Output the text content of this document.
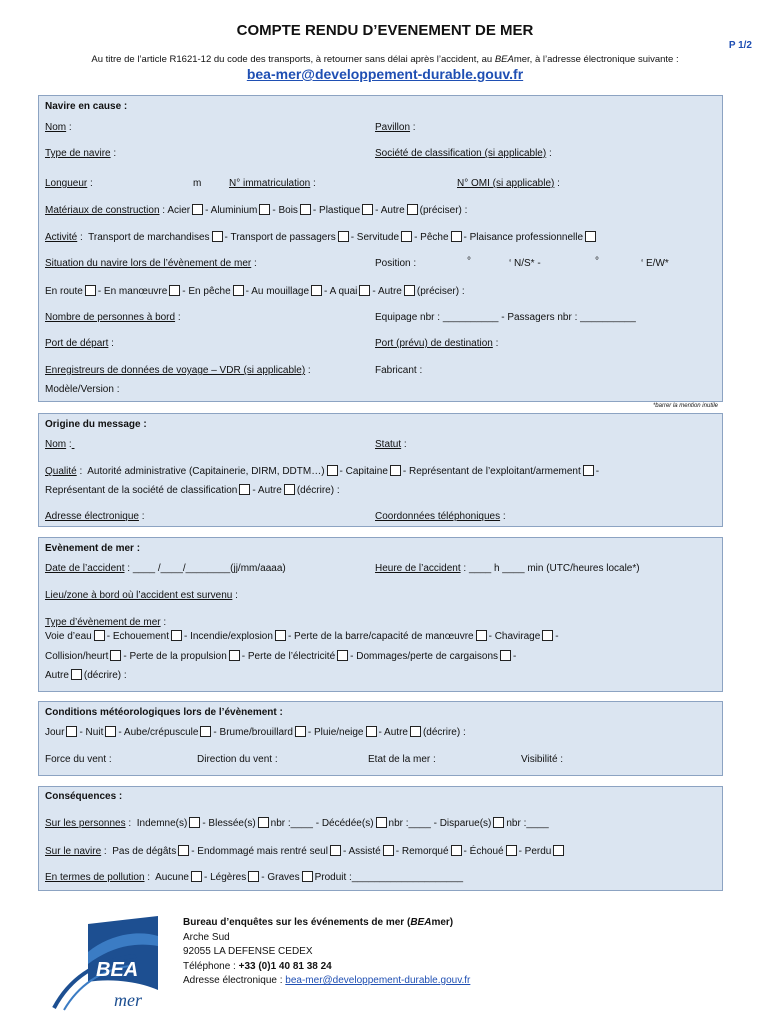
COMPTE RENDU D’EVENEMENT DE MER
P 1/2
Au titre de l’article R1621-12 du code des transports, à retourner sans délai après l’accident, au BEAmer, à l’adresse électronique suivante :
bea-mer@developpement-durable.gouv.fr
Navire en cause :
Nom :	Pavillon :
Type de navire :	Société de classification (si applicable) :
Longueur :	m	N° immatriculation :	N° OMI (si applicable) :
Matériaux de construction : Acier - Aluminium - Bois - Plastique - Autre (préciser) :
Activité :  Transport de marchandises - Transport de passagers - Servitude - Pêche - Plaisance professionnelle
Situation du navire lors de l’évènement de mer :	Position :	°	‘ N/S* -	°	‘ E/W*
En route - En manœuvre - En pêche - Au mouillage - A quai - Autre (préciser) :
Nombre de personnes à bord :	Equipage nbr : __________ - Passagers nbr : __________
Port de départ :	Port (prévu) de destination :
Enregistreurs de données de voyage – VDR (si applicable) :	Fabricant :
Modèle/Version :
*barrer la mention inutile
Origine du message :
Nom :	Statut :
Qualité :  Autorité administrative (Capitainerie, DIRM, DDTM…) - Capitaine - Représentant de l’exploitant/armement -
Représentant de la société de classification - Autre (décrire) :
Adresse électronique :	Coordonnées téléphoniques :
Evènement de mer :
Date de l’accident : ____ /____/________(jj/mm/aaaa)	Heure de l’accident : ____ h ____ min (UTC/heures locale*)
Lieu/zone à bord où l’accident est survenu :
Type d’évènement de mer :
Voie d’eau - Echouement - Incendie/explosion - Perte de la barre/capacité de manœuvre - Chavirage -
Collision/heurt - Perte de la propulsion - Perte de l’électricité - Dommages/perte de cargaisons -
Autre (décrire) :
Conditions météorologiques lors de l’évènement :
Jour - Nuit - Aube/crépuscule - Brume/brouillard - Pluie/neige - Autre (décrire) :
Force du vent :	Direction du vent :	Etat de la mer :	Visibilité :
Conséquences :
Sur les personnes :  Indemne(s) - Blessée(s) nbr :____ - Décédée(s) nbr :____ - Disparue(s) nbr :____
Sur le navire :  Pas de dégâts - Endommagé mais rentré seul - Assisté - Remorqué - Échoué - Perdu
En termes de pollution :  Aucune - Légères - Graves Produit :____________________
BEA
mer
Bureau d’enquêtes sur les événements de mer (BEAmer)
Arche Sud
92055 LA DEFENSE CEDEX
Téléphone : +33 (0)1 40 81 38 24
Adresse électronique : bea-mer@developpement-durable.gouv.fr
